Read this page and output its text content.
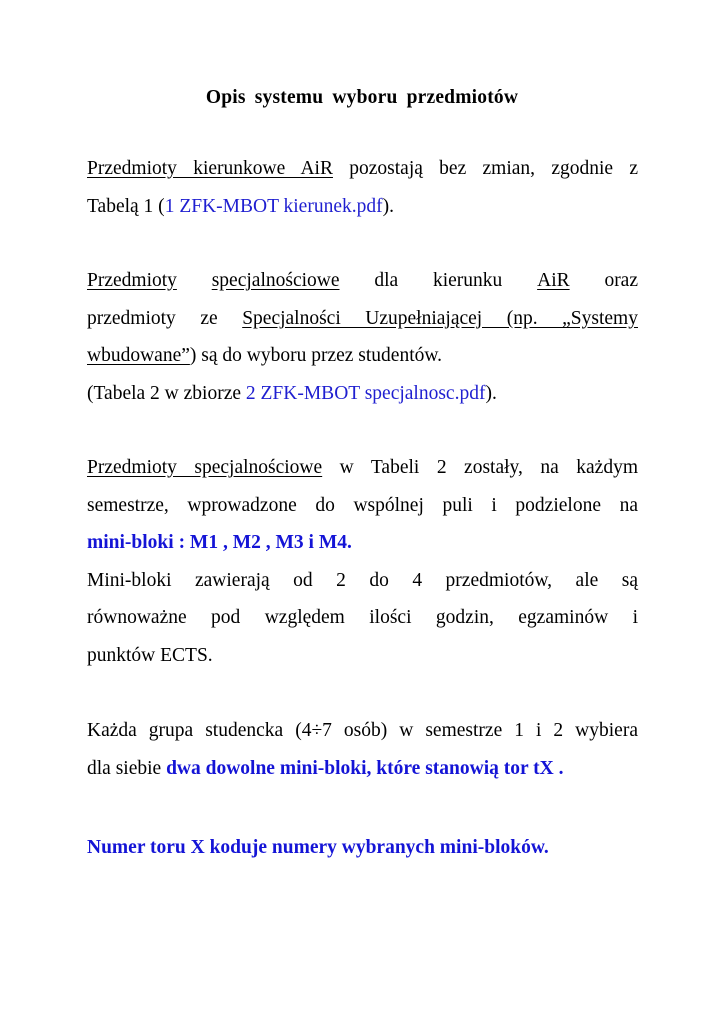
Opis systemu wyboru przedmiotów
Przedmioty kierunkowe AiR pozostają bez zmian, zgodnie z
Tabelą 1 (1 ZFK-MBOT kierunek.pdf).
Przedmioty specjalnościowe dla kierunku AiR oraz
przedmioty ze Specjalności Uzupełniającej (np. „Systemy
wbudowane”) są do wyboru przez studentów.
(Tabela 2 w zbiorze 2 ZFK-MBOT specjalnosc.pdf).
Przedmioty specjalnościowe w Tabeli 2 zostały, na każdym
semestrze, wprowadzone do wspólnej puli i podzielone na
mini-bloki : M1 , M2 , M3 i M4.
Mini-bloki zawierają od 2 do 4 przedmiotów, ale są
równoważne pod względem ilości godzin, egzaminów i
punktów ECTS.
Każda grupa studencka (4÷7 osób) w semestrze 1 i 2 wybiera
dla siebie dwa dowolne mini-bloki, które stanowią tor tX .
Numer toru X koduje numery wybranych mini-bloków.
